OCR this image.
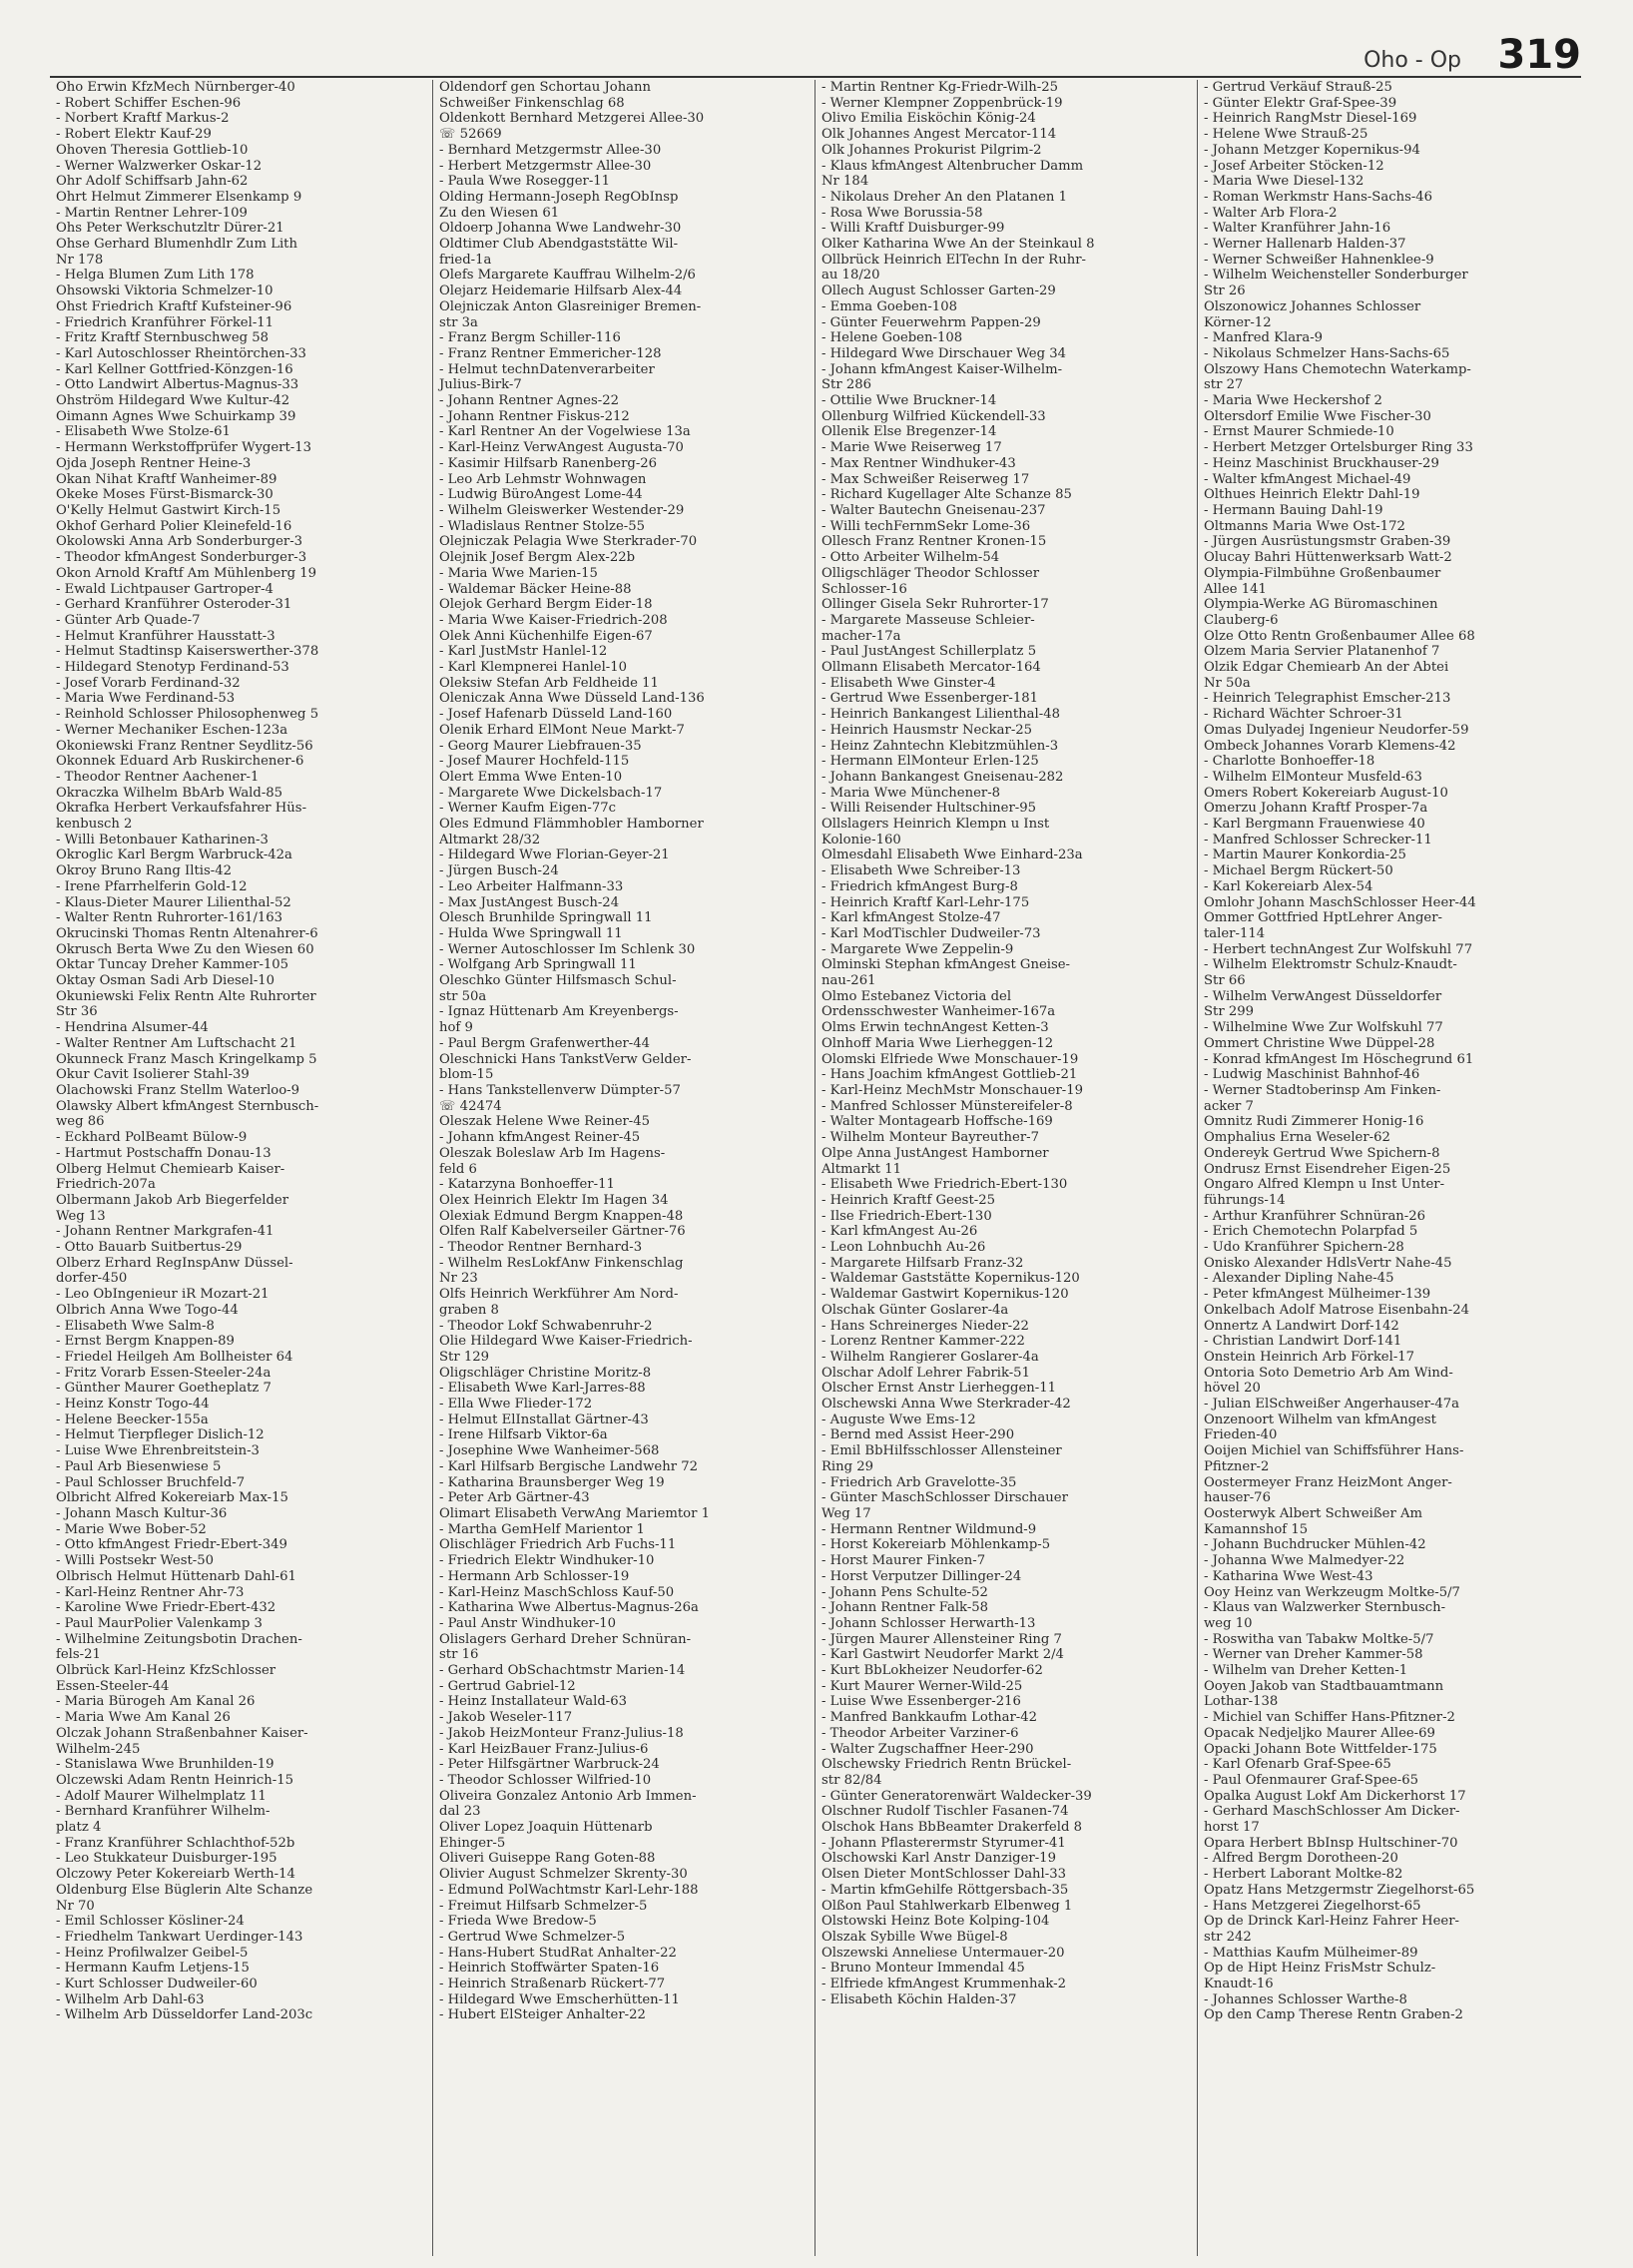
Oho - Op 319
Oho Erwin KfzMech Nürnberger-40
- Robert Schiffer Eschen-96
- Norbert Kraftf Markus-2
- Robert Elektr Kauf-29
Ohoven Theresia Gottlieb-10
- Werner Walzwerker Oskar-12
Ohr Adolf Schiffsarb Jahn-62
Ohrt Helmut Zimmerer Elsenkamp 9
- Martin Rentner Lehrer-109
Ohs Peter Werkschutzltr Dürer-21
Ohse Gerhard Blumenhdlr Zum Lith
Nr 178
- Helga Blumen Zum Lith 178
Ohsowski Viktoria Schmelzer-10
Ohst Friedrich Kraftf Kufsteiner-96
- Friedrich Kranführer Förkel-11
- Fritz Kraftf Sternbuschweg 58
- Karl Autoschlosser Rheintörchen-33
- Karl Kellner Gottfried-Könzgen-16
- Otto Landwirt Albertus-Magnus-33
Ohström Hildegard Wwe Kultur-42
Oimann Agnes Wwe Schuirkamp 39
- Elisabeth Wwe Stolze-61
- Hermann Werkstoffprüfer Wygert-13
Ojda Joseph Rentner Heine-3
Okan Nihat Kraftf Wanheimer-89
Okeke Moses Fürst-Bismarck-30
O'Kelly Helmut Gastwirt Kirch-15
Okhof Gerhard Polier Kleinefeld-16
Okolowski Anna Arb Sonderburger-3
- Theodor kfmAngest Sonderburger-3
Okon Arnold Kraftf Am Mühlenberg 19
- Ewald Lichtpauser Gartroper-4
- Gerhard Kranführer Osteroder-31
- Günter Arb Quade-7
- Helmut Kranführer Hausstatt-3
- Helmut Stadtinsp Kaiserswerther-378
- Hildegard Stenotyp Ferdinand-53
- Josef Vorarb Ferdinand-32
- Maria Wwe Ferdinand-53
- Reinhold Schlosser Philosophenweg 5
- Werner Mechaniker Eschen-123a
Okoniewski Franz Rentner Seydlitz-56
Okonnek Eduard Arb Ruskirchener-6
- Theodor Rentner Aachener-1
Okraczka Wilhelm BbArb Wald-85
Okrafka Herbert Verkaufsfahrer Hüs-
kenbusch 2
- Willi Betonbauer Katharinen-3
Okroglic Karl Bergm Warbruck-42a
Okroy Bruno Rang Iltis-42
- Irene Pfarrhelferin Gold-12
- Klaus-Dieter Maurer Lilienthal-52
- Walter Rentn Ruhrorter-161/163
Okrucinski Thomas Rentn Altenahrer-6
Okrusch Berta Wwe Zu den Wiesen 60
Oktar Tuncay Dreher Kammer-105
Oktay Osman Sadi Arb Diesel-10
Okuniewski Felix Rentn Alte Ruhrorter
Str 36
- Hendrina Alsumer-44
- Walter Rentner Am Luftschacht 21
Okunneck Franz Masch Kringelkamp 5
Okur Cavit Isolierer Stahl-39
Olachowski Franz Stellm Waterloo-9
Olawsky Albert kfmAngest Sternbusch-
weg 86
- Eckhard PolBeamt Bülow-9
- Hartmut Postschaffn Donau-13
Olberg Helmut Chemiearb Kaiser-
Friedrich-207a
Olbermann Jakob Arb Biegerfelder
Weg 13
- Johann Rentner Markgrafen-41
- Otto Bauarb Suitbertus-29
Olberz Erhard RegInspAnw Düssel-
dorfer-450
- Leo ObIngenieur iR Mozart-21
Olbrich Anna Wwe Togo-44
- Elisabeth Wwe Salm-8
- Ernst Bergm Knappen-89
- Friedel Heilgeh Am Bollheister 64
- Fritz Vorarb Essen-Steeler-24a
- Günther Maurer Goetheplatz 7
- Heinz Konstr Togo-44
- Helene Beecker-155a
- Helmut Tierpfleger Dislich-12
- Luise Wwe Ehrenbreitstein-3
- Paul Arb Biesenwiese 5
- Paul Schlosser Bruchfeld-7
Olbricht Alfred Kokereiarb Max-15
- Johann Masch Kultur-36
- Marie Wwe Bober-52
- Otto kfmAngest Friedr-Ebert-349
- Willi Postsekr West-50
Olbrisch Helmut Hüttenarb Dahl-61
- Karl-Heinz Rentner Ahr-73
- Karoline Wwe Friedr-Ebert-432
- Paul MaurPolier Valenkamp 3
- Wilhelmine Zeitungsbotin Drachen-
fels-21
Olbrück Karl-Heinz KfzSchlosser
Essen-Steeler-44
- Maria Bürogeh Am Kanal 26
- Maria Wwe Am Kanal 26
Olczak Johann Straßenbahner Kaiser-
Wilhelm-245
- Stanislawa Wwe Brunhilden-19
Olczewski Adam Rentn Heinrich-15
- Adolf Maurer Wilhelmplatz 11
- Bernhard Kranführer Wilhelm-
platz 4
- Franz Kranführer Schlachthof-52b
- Leo Stukkateur Duisburger-195
Olczowy Peter Kokereiarb Werth-14
Oldenburg Else Büglerin Alte Schanze
Nr 70
- Emil Schlosser Kösliner-24
- Friedhelm Tankwart Uerdinger-143
- Heinz Profilwalzer Geibel-5
- Hermann Kaufm Letjens-15
- Kurt Schlosser Dudweiler-60
- Wilhelm Arb Dahl-63
- Wilhelm Arb Düsseldorfer Land-203c
Oldendorf gen Schortau Johann
Schweißer Finkenschlag 68
Oldenkott Bernhard Metzgerei Allee-30
☏ 52669
- Bernhard Metzgermstr Allee-30
- Herbert Metzgermstr Allee-30
- Paula Wwe Rosegger-11
Olding Hermann-Joseph RegObInsp
Zu den Wiesen 61
Oldoerp Johanna Wwe Landwehr-30
Oldtimer Club Abendgaststätte Wil-
fried-1a
Olefs Margarete Kauffrau Wilhelm-2/6
Olejarz Heidemarie Hilfsarb Alex-44
Olejniczak Anton Glasreiniger Bremen-
str 3a
- Franz Bergm Schiller-116
- Franz Rentner Emmericher-128
- Helmut technDatenverarbeiter
Julius-Birk-7
- Johann Rentner Agnes-22
- Johann Rentner Fiskus-212
- Karl Rentner An der Vogelwiese 13a
- Karl-Heinz VerwAngest Augusta-70
- Kasimir Hilfsarb Ranenberg-26
- Leo Arb Lehmstr Wohnwagen
- Ludwig BüroAngest Lome-44
- Wilhelm Gleiswerker Westender-29
- Wladislaus Rentner Stolze-55
Olejniczak Pelagia Wwe Sterkrader-70
Olejnik Josef Bergm Alex-22b
- Maria Wwe Marien-15
- Waldemar Bäcker Heine-88
Olejok Gerhard Bergm Eider-18
- Maria Wwe Kaiser-Friedrich-208
Olek Anni Küchenhilfe Eigen-67
- Karl JustMstr Hanlel-12
- Karl Klempnerei Hanlel-10
Oleksiw Stefan Arb Feldheide 11
Oleniczak Anna Wwe Düsseld Land-136
- Josef Hafenarb Düsseld Land-160
Olenik Erhard ElMont Neue Markt-7
- Georg Maurer Liebfrauen-35
- Josef Maurer Hochfeld-115
Olert Emma Wwe Enten-10
- Margarete Wwe Dickelsbach-17
- Werner Kaufm Eigen-77c
Oles Edmund Flämmhobler Hamborner
Altmarkt 28/32
- Hildegard Wwe Florian-Geyer-21
- Jürgen Busch-24
- Leo Arbeiter Halfmann-33
- Max JustAngest Busch-24
Olesch Brunhilde Springwall 11
- Hulda Wwe Springwall 11
- Werner Autoschlosser Im Schlenk 30
- Wolfgang Arb Springwall 11
Oleschko Günter Hilfsmasch Schul-
str 50a
- Ignaz Hüttenarb Am Kreyenbergs-
hof 9
- Paul Bergm Grafenwerther-44
Oleschnicki Hans TankstVerw Gelder-
blom-15
- Hans Tankstellenverw Dümpter-57
☏ 42474
Oleszak Helene Wwe Reiner-45
- Johann kfmAngest Reiner-45
Oleszak Boleslaw Arb Im Hagens-
feld 6
- Katarzyna Bonhoeffer-11
Olex Heinrich Elektr Im Hagen 34
Olexiak Edmund Bergm Knappen-48
Olfen Ralf Kabelverseiler Gärtner-76
- Theodor Rentner Bernhard-3
- Wilhelm ResLokfAnw Finkenschlag
Nr 23
Olfs Heinrich Werkführer Am Nord-
graben 8
- Theodor Lokf Schwabenruhr-2
Olie Hildegard Wwe Kaiser-Friedrich-
Str 129
Oligschläger Christine Moritz-8
- Elisabeth Wwe Karl-Jarres-88
- Ella Wwe Flieder-172
- Helmut ElInstallat Gärtner-43
- Irene Hilfsarb Viktor-6a
- Josephine Wwe Wanheimer-568
- Karl Hilfsarb Bergische Landwehr 72
- Katharina Braunsberger Weg 19
- Peter Arb Gärtner-43
Olimart Elisabeth VerwAng Mariemtor 1
- Martha GemHelf Marientor 1
Olischläger Friedrich Arb Fuchs-11
- Friedrich Elektr Windhuker-10
- Hermann Arb Schlosser-19
- Karl-Heinz MaschSchloss Kauf-50
- Katharina Wwe Albertus-Magnus-26a
- Paul Anstr Windhuker-10
Olislagers Gerhard Dreher Schnüran-
str 16
- Gerhard ObSchachtmstr Marien-14
- Gertrud Gabriel-12
- Heinz Installateur Wald-63
- Jakob Weseler-117
- Jakob HeizMonteur Franz-Julius-18
- Karl HeizBauer Franz-Julius-6
- Peter Hilfsgärtner Warbruck-24
- Theodor Schlosser Wilfried-10
Oliveira Gonzalez Antonio Arb Immen-
dal 23
Oliver Lopez Joaquin Hüttenarb
Ehinger-5
Oliveri Guiseppe Rang Goten-88
Olivier August Schmelzer Skrenty-30
- Edmund PolWachtmstr Karl-Lehr-188
- Freimut Hilfsarb Schmelzer-5
- Frieda Wwe Bredow-5
- Gertrud Wwe Schmelzer-5
- Hans-Hubert StudRat Anhalter-22
- Heinrich Stoffwärter Spaten-16
- Heinrich Straßenarb Rückert-77
- Hildegard Wwe Emscherhütten-11
- Hubert ElSteiger Anhalter-22
- Martin Rentner Kg-Friedr-Wilh-25
- Werner Klempner Zoppenbrück-19
Olivo Emilia Eisköchin König-24
Olk Johannes Angest Mercator-114
Olk Johannes Prokurist Pilgrim-2
- Klaus kfmAngest Altenbrucher Damm
Nr 184
- Nikolaus Dreher An den Platanen 1
- Rosa Wwe Borussia-58
- Willi Kraftf Duisburger-99
Olker Katharina Wwe An der Steinkaul 8
Ollbrück Heinrich ElTechn In der Ruhr-
au 18/20
Ollech August Schlosser Garten-29
- Emma Goeben-108
- Günter Feuerwehrm Pappen-29
- Helene Goeben-108
- Hildegard Wwe Dirschauer Weg 34
- Johann kfmAngest Kaiser-Wilhelm-
Str 286
- Ottilie Wwe Bruckner-14
Ollenburg Wilfried Kückendell-33
Ollenik Else Bregenzer-14
- Marie Wwe Reiserweg 17
- Max Rentner Windhuker-43
- Max Schweißer Reiserweg 17
- Richard Kugellager Alte Schanze 85
- Walter Bautechn Gneisenau-237
- Willi techFernmSekr Lome-36
Ollesch Franz Rentner Kronen-15
- Otto Arbeiter Wilhelm-54
Olligschläger Theodor Schlosser
Schlosser-16
Ollinger Gisela Sekr Ruhrorter-17
- Margarete Masseuse Schleier-
macher-17a
- Paul JustAngest Schillerplatz 5
Ollmann Elisabeth Mercator-164
- Elisabeth Wwe Ginster-4
- Gertrud Wwe Essenberger-181
- Heinrich Bankangest Lilienthal-48
- Heinrich Hausmstr Neckar-25
- Heinz Zahntechn Klebitzmühlen-3
- Hermann ElMonteur Erlen-125
- Johann Bankangest Gneisenau-282
- Maria Wwe Münchener-8
- Willi Reisender Hultschiner-95
Ollslagers Heinrich Klempn u Inst
Kolonie-160
Olmesdahl Elisabeth Wwe Einhard-23a
- Elisabeth Wwe Schreiber-13
- Friedrich kfmAngest Burg-8
- Heinrich Kraftf Karl-Lehr-175
- Karl kfmAngest Stolze-47
- Karl ModTischler Dudweiler-73
- Margarete Wwe Zeppelin-9
Olminski Stephan kfmAngest Gneise-
nau-261
Olmo Estebanez Victoria del
Ordensschwester Wanheimer-167a
Olms Erwin technAngest Ketten-3
Olnhoff Maria Wwe Lierheggen-12
Olomski Elfriede Wwe Monschauer-19
- Hans Joachim kfmAngest Gottlieb-21
- Karl-Heinz MechMstr Monschauer-19
- Manfred Schlosser Münstereifeler-8
- Walter Montagearb Hoffsche-169
- Wilhelm Monteur Bayreuther-7
Olpe Anna JustAngest Hamborner
Altmarkt 11
- Elisabeth Wwe Friedrich-Ebert-130
- Heinrich Kraftf Geest-25
- Ilse Friedrich-Ebert-130
- Karl kfmAngest Au-26
- Leon Lohnbuchh Au-26
- Margarete Hilfsarb Franz-32
- Waldemar Gaststätte Kopernikus-120
- Waldemar Gastwirt Kopernikus-120
Olschak Günter Goslarer-4a
- Hans Schreinerges Nieder-22
- Lorenz Rentner Kammer-222
- Wilhelm Rangierer Goslarer-4a
Olschar Adolf Lehrer Fabrik-51
Olscher Ernst Anstr Lierheggen-11
Olschewski Anna Wwe Sterkrader-42
- Auguste Wwe Ems-12
- Bernd med Assist Heer-290
- Emil BbHilfsschlosser Allensteiner
Ring 29
- Friedrich Arb Gravelotte-35
- Günter MaschSchlosser Dirschauer
Weg 17
- Hermann Rentner Wildmund-9
- Horst Kokereiarb Möhlenkamp-5
- Horst Maurer Finken-7
- Horst Verputzer Dillinger-24
- Johann Pens Schulte-52
- Johann Rentner Falk-58
- Johann Schlosser Herwarth-13
- Jürgen Maurer Allensteiner Ring 7
- Karl Gastwirt Neudorfer Markt 2/4
- Kurt BbLokheizer Neudorfer-62
- Kurt Maurer Werner-Wild-25
- Luise Wwe Essenberger-216
- Manfred Bankkaufm Lothar-42
- Theodor Arbeiter Varziner-6
- Walter Zugschaffner Heer-290
Olschewsky Friedrich Rentn Brückel-
str 82/84
- Günter Generatorenwärt Waldecker-39
Olschner Rudolf Tischler Fasanen-74
Olschok Hans BbBeamter Drakerfeld 8
- Johann Pflasterermstr Styrumer-41
Olschowski Karl Anstr Danziger-19
Olsen Dieter MontSchlosser Dahl-33
- Martin kfmGehilfe Röttgersbach-35
Olßon Paul Stahlwerkarb Elbenweg 1
Olstowski Heinz Bote Kolping-104
Olszak Sybille Wwe Bügel-8
Olszewski Anneliese Untermauer-20
- Bruno Monteur Immendal 45
- Elfriede kfmAngest Krummenhak-2
- Elisabeth Köchin Halden-37
- Gertrud Verkäuf Strauß-25
- Günter Elektr Graf-Spee-39
- Heinrich RangMstr Diesel-169
- Helene Wwe Strauß-25
- Johann Metzger Kopernikus-94
- Josef Arbeiter Stöcken-12
- Maria Wwe Diesel-132
- Roman Werkmstr Hans-Sachs-46
- Walter Arb Flora-2
- Walter Kranführer Jahn-16
- Werner Hallenarb Halden-37
- Werner Schweißer Hahnenklee-9
- Wilhelm Weichensteller Sonderburger
Str 26
Olszonowicz Johannes Schlosser
Körner-12
- Manfred Klara-9
- Nikolaus Schmelzer Hans-Sachs-65
Olszowy Hans Chemotechn Waterkamp-
str 27
- Maria Wwe Heckershof 2
Oltersdorf Emilie Wwe Fischer-30
- Ernst Maurer Schmiede-10
- Herbert Metzger Ortelsburger Ring 33
- Heinz Maschinist Bruckhauser-29
- Walter kfmAngest Michael-49
Olthues Heinrich Elektr Dahl-19
- Hermann Bauing Dahl-19
Oltmanns Maria Wwe Ost-172
- Jürgen Ausrüstungsmstr Graben-39
Olucay Bahri Hüttenwerksarb Watt-2
Olympia-Filmbühne Großenbaumer
Allee 141
Olympia-Werke AG Büromaschinen
Clauberg-6
Olze Otto Rentn Großenbaumer Allee 68
Olzem Maria Servier Platanenhof 7
Olzik Edgar Chemiearb An der Abtei
Nr 50a
- Heinrich Telegraphist Emscher-213
- Richard Wächter Schroer-31
Omas Dulyadej Ingenieur Neudorfer-59
Ombeck Johannes Vorarb Klemens-42
- Charlotte Bonhoeffer-18
- Wilhelm ElMonteur Musfeld-63
Omers Robert Kokereiarb August-10
Omerzu Johann Kraftf Prosper-7a
- Karl Bergmann Frauenwiese 40
- Manfred Schlosser Schrecker-11
- Martin Maurer Konkordia-25
- Michael Bergm Rückert-50
- Karl Kokereiarb Alex-54
Omlohr Johann MaschSchlosser Heer-44
Ommer Gottfried HptLehrer Anger-
taler-114
- Herbert technAngest Zur Wolfskuhl 77
- Wilhelm Elektromstr Schulz-Knaudt-
Str 66
- Wilhelm VerwAngest Düsseldorfer
Str 299
- Wilhelmine Wwe Zur Wolfskuhl 77
Ommert Christine Wwe Düppel-28
- Konrad kfmAngest Im Höschegrund 61
- Ludwig Maschinist Bahnhof-46
- Werner Stadtoberinsp Am Finken-
acker 7
Omnitz Rudi Zimmerer Honig-16
Omphalius Erna Weseler-62
Ondereyk Gertrud Wwe Spichern-8
Ondrusz Ernst Eisendreher Eigen-25
Ongaro Alfred Klempn u Inst Unter-
führungs-14
- Arthur Kranführer Schnüran-26
- Erich Chemotechn Polarpfad 5
- Udo Kranführer Spichern-28
Onisko Alexander HdlsVertr Nahe-45
- Alexander Dipling Nahe-45
- Peter kfmAngest Mülheimer-139
Onkelbach Adolf Matrose Eisenbahn-24
Onnertz A Landwirt Dorf-142
- Christian Landwirt Dorf-141
Onstein Heinrich Arb Förkel-17
Ontoria Soto Demetrio Arb Am Wind-
hövel 20
- Julian ElSchweißer Angerhauser-47a
Onzenoort Wilhelm van kfmAngest
Frieden-40
Ooijen Michiel van Schiffsführer Hans-
Pfitzner-2
Oostermeyer Franz HeizMont Anger-
hauser-76
Oosterwyk Albert Schweißer Am
Kamannshof 15
- Johann Buchdrucker Mühlen-42
- Johanna Wwe Malmedyer-22
- Katharina Wwe West-43
Ooy Heinz van Werkzeugm Moltke-5/7
- Klaus van Walzwerker Sternbusch-
weg 10
- Roswitha van Tabakw Moltke-5/7
- Werner van Dreher Kammer-58
- Wilhelm van Dreher Ketten-1
Ooyen Jakob van Stadtbauamtmann
Lothar-138
- Michiel van Schiffer Hans-Pfitzner-2
Opacak Nedjeljko Maurer Allee-69
Opacki Johann Bote Wittfelder-175
- Karl Ofenarb Graf-Spee-65
- Paul Ofenmaurer Graf-Spee-65
Opalka August Lokf Am Dickerhorst 17
- Gerhard MaschSchlosser Am Dicker-
horst 17
Opara Herbert BbInsp Hultschiner-70
- Alfred Bergm Dorotheen-20
- Herbert Laborant Moltke-82
Opatz Hans Metzgermstr Ziegelhorst-65
- Hans Metzgerei Ziegelhorst-65
Op de Drinck Karl-Heinz Fahrer Heer-
str 242
- Matthias Kaufm Mülheimer-89
Op de Hipt Heinz FrisMstr Schulz-
Knaudt-16
- Johannes Schlosser Warthe-8
Op den Camp Therese Rentn Graben-2
